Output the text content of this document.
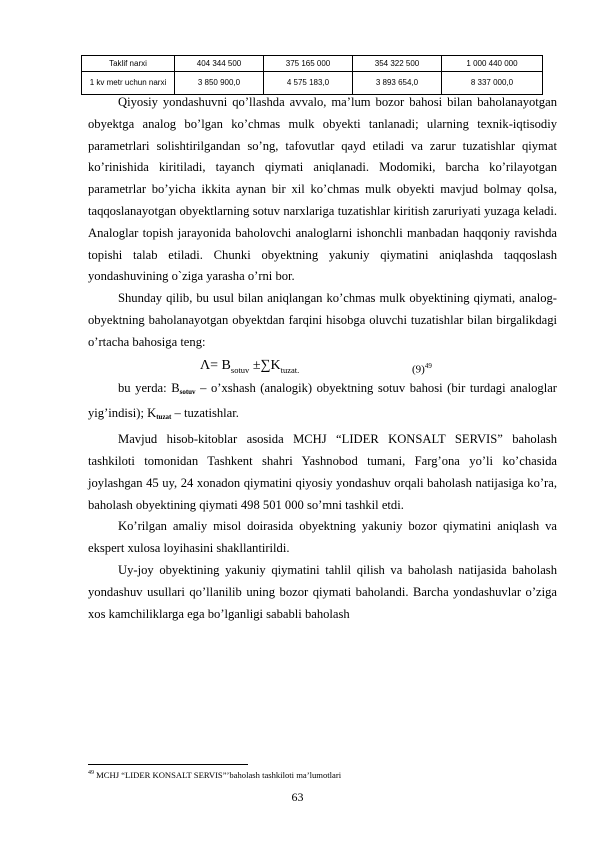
Taklif narxi	404 344 500	375 165 000	354 322 500	1 000 440 000
1 kv metr uchun narxi	3 850 900,0	4 575 183,0	3 893 654,0	8 337 000,0

Qiyosiy yondashuvni qo’llashda avvalo, ma’lum bozor bahosi bilan baholanayotgan obyektga analog bo’lgan ko’chmas mulk obyekti tanlanadi; ularning texnik-iqtisodiy parametrlari solishtirilgandan so’ng, tafovutlar qayd etiladi va zarur tuzatishlar qiymat ko’rinishida kiritiladi, tayanch qiymati aniqlanadi. Modomiki, barcha ko’rilayotgan parametrlar bo’yicha ikkita aynan bir xil ko’chmas mulk obyekti mavjud bolmay qolsa, taqqoslanayotgan obyektlarning sotuv narxlariga tuzatishlar kiritish zaruriyati yuzaga keladi. Analoglar topish jarayonida baholovchi analoglarni ishonchli manbadan haqqoniy ravishda topishi talab etiladi. Chunki obyektning yakuniy qiymatini aniqlashda taqqoslash yondashuvining o`ziga yarasha o’rni bor.

Shunday qilib, bu usul bilan aniqlangan ko’chmas mulk obyektining qiymati, analog-obyektning baholanayotgan obyektdan farqini hisobga oluvchi tuzatishlar bilan birgalikdagi o’rtacha bahosiga teng:

$\Lambda= B_{sotuv} \pm\sum K_{tuzat.}$	$(9)^{49}$

bu yerda: $B_{sotuv}$ – o’xshash (analogik) obyektning sotuv bahosi (bir turdagi analoglar yig’indisi); $K_{tuzat}$ – tuzatishlar.

Mavjud hisob-kitoblar asosida MCHJ “LIDER KONSALT SERVIS” baholash tashkiloti tomonidan Tashkent shahri Yashnobod tumani, Farg’ona yo’li ko’chasida joylashgan 45 uy, 24 xonadon qiymatini qiyosiy yondashuv orqali baholash natijasiga ko’ra, baholash obyektining qiymati 498 501 000 so’mni tashkil etdi.

Ko’rilgan amaliy misol doirasida obyektning yakuniy bozor qiymatini aniqlash va ekspert xulosa loyihasini shakllantirildi.

Uy-joy obyektining yakuniy qiymatini tahlil qilish va baholash natijasida baholash yondashuv usullari qo’llanilib uning bozor qiymati baholandi. Barcha yondashuvlar o’ziga xos kamchiliklarga ega bo’lganligi sababli baholash

$^{49}$ MCHJ “LIDER KONSALT SERVIS”’baholash tashkiloti ma’lumotlari
63
